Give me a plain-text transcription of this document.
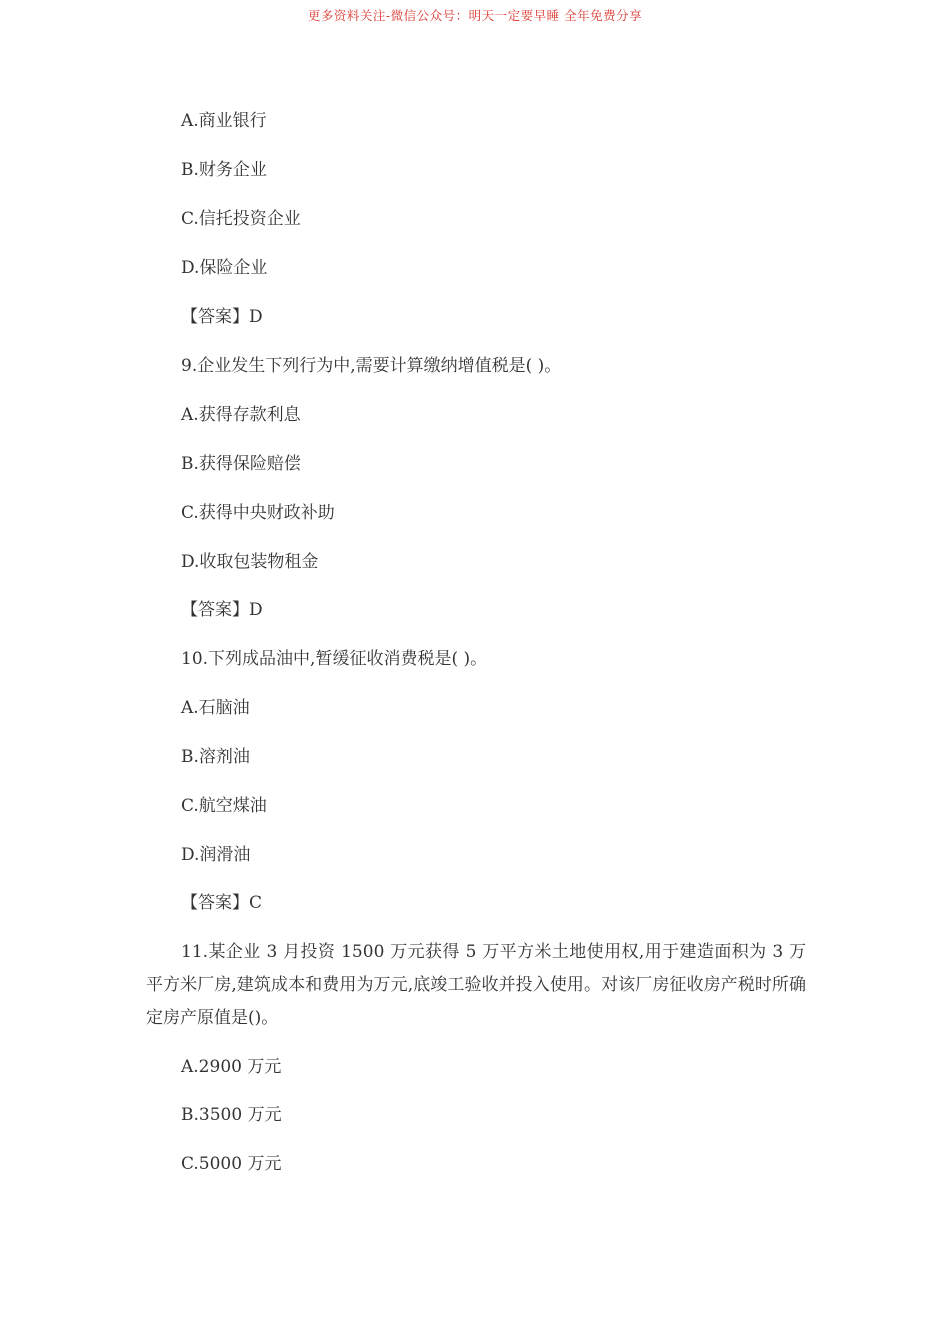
更多资料关注-微信公众号：明天一定要早睡 全年免费分享
A.商业银行
B.财务企业
C.信托投资企业
D.保险企业
【答案】D
9.企业发生下列行为中,需要计算缴纳增值税是( )。
A.获得存款利息
B.获得保险赔偿
C.获得中央财政补助
D.收取包装物租金
【答案】D
10.下列成品油中,暂缓征收消费税是( )。
A.石脑油
B.溶剂油
C.航空煤油
D.润滑油
【答案】C
11.某企业 3 月投资 1500 万元获得 5 万平方米土地使用权,用于建造面积为 3 万平方米厂房,建筑成本和费用为万元,底竣工验收并投入使用。对该厂房征收房产税时所确定房产原值是()。
A.2900 万元
B.3500 万元
C.5000 万元
